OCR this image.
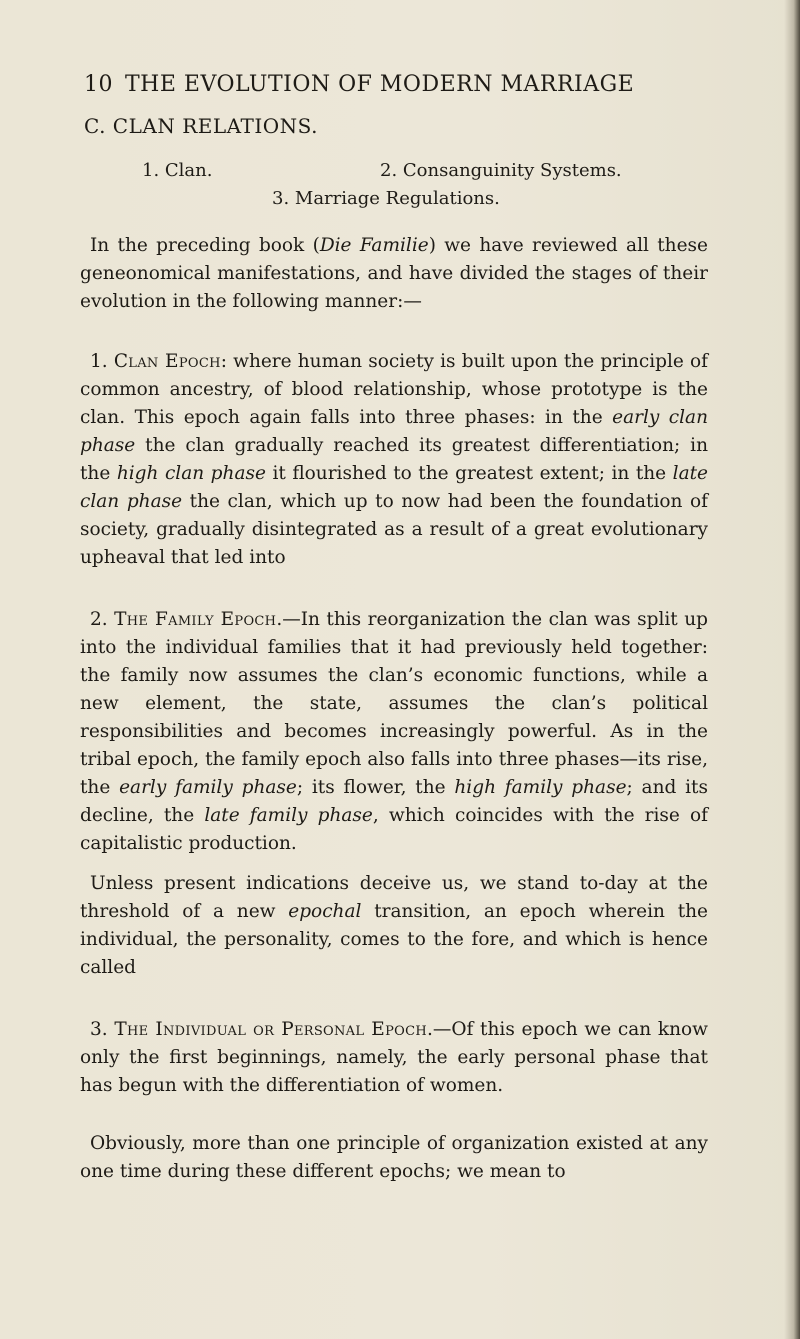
10 THE EVOLUTION OF MODERN MARRIAGE
C. CLAN RELATIONS.
1. Clan.	2. Consanguinity Systems.
3. Marriage Regulations.

In the preceding book (Die Familie) we have reviewed all these geneonomical manifestations, and have divided the stages of their evolution in the following manner:—

1. Clan Epoch: where human society is built upon the principle of common ancestry, of blood relationship, whose prototype is the clan. This epoch again falls into three phases: in the early clan phase the clan gradually reached its greatest differentiation; in the high clan phase it flourished to the greatest extent; in the late clan phase the clan, which up to now had been the foundation of society, gradually disintegrated as a result of a great evolutionary upheaval that led into

2. The Family Epoch.—In this reorganization the clan was split up into the individual families that it had previously held together: the family now assumes the clan’s economic functions, while a new element, the state, assumes the clan’s political responsibilities and becomes increasingly powerful. As in the tribal epoch, the family epoch also falls into three phases—its rise, the early family phase; its flower, the high family phase; and its decline, the late family phase, which coincides with the rise of capitalistic production.

Unless present indications deceive us, we stand to-day at the threshold of a new epochal transition, an epoch wherein the individual, the personality, comes to the fore, and which is hence called

3. The Individual or Personal Epoch.—Of this epoch we can know only the first beginnings, namely, the early personal phase that has begun with the differentiation of women.

Obviously, more than one principle of organization existed at any one time during these different epochs; we mean to
